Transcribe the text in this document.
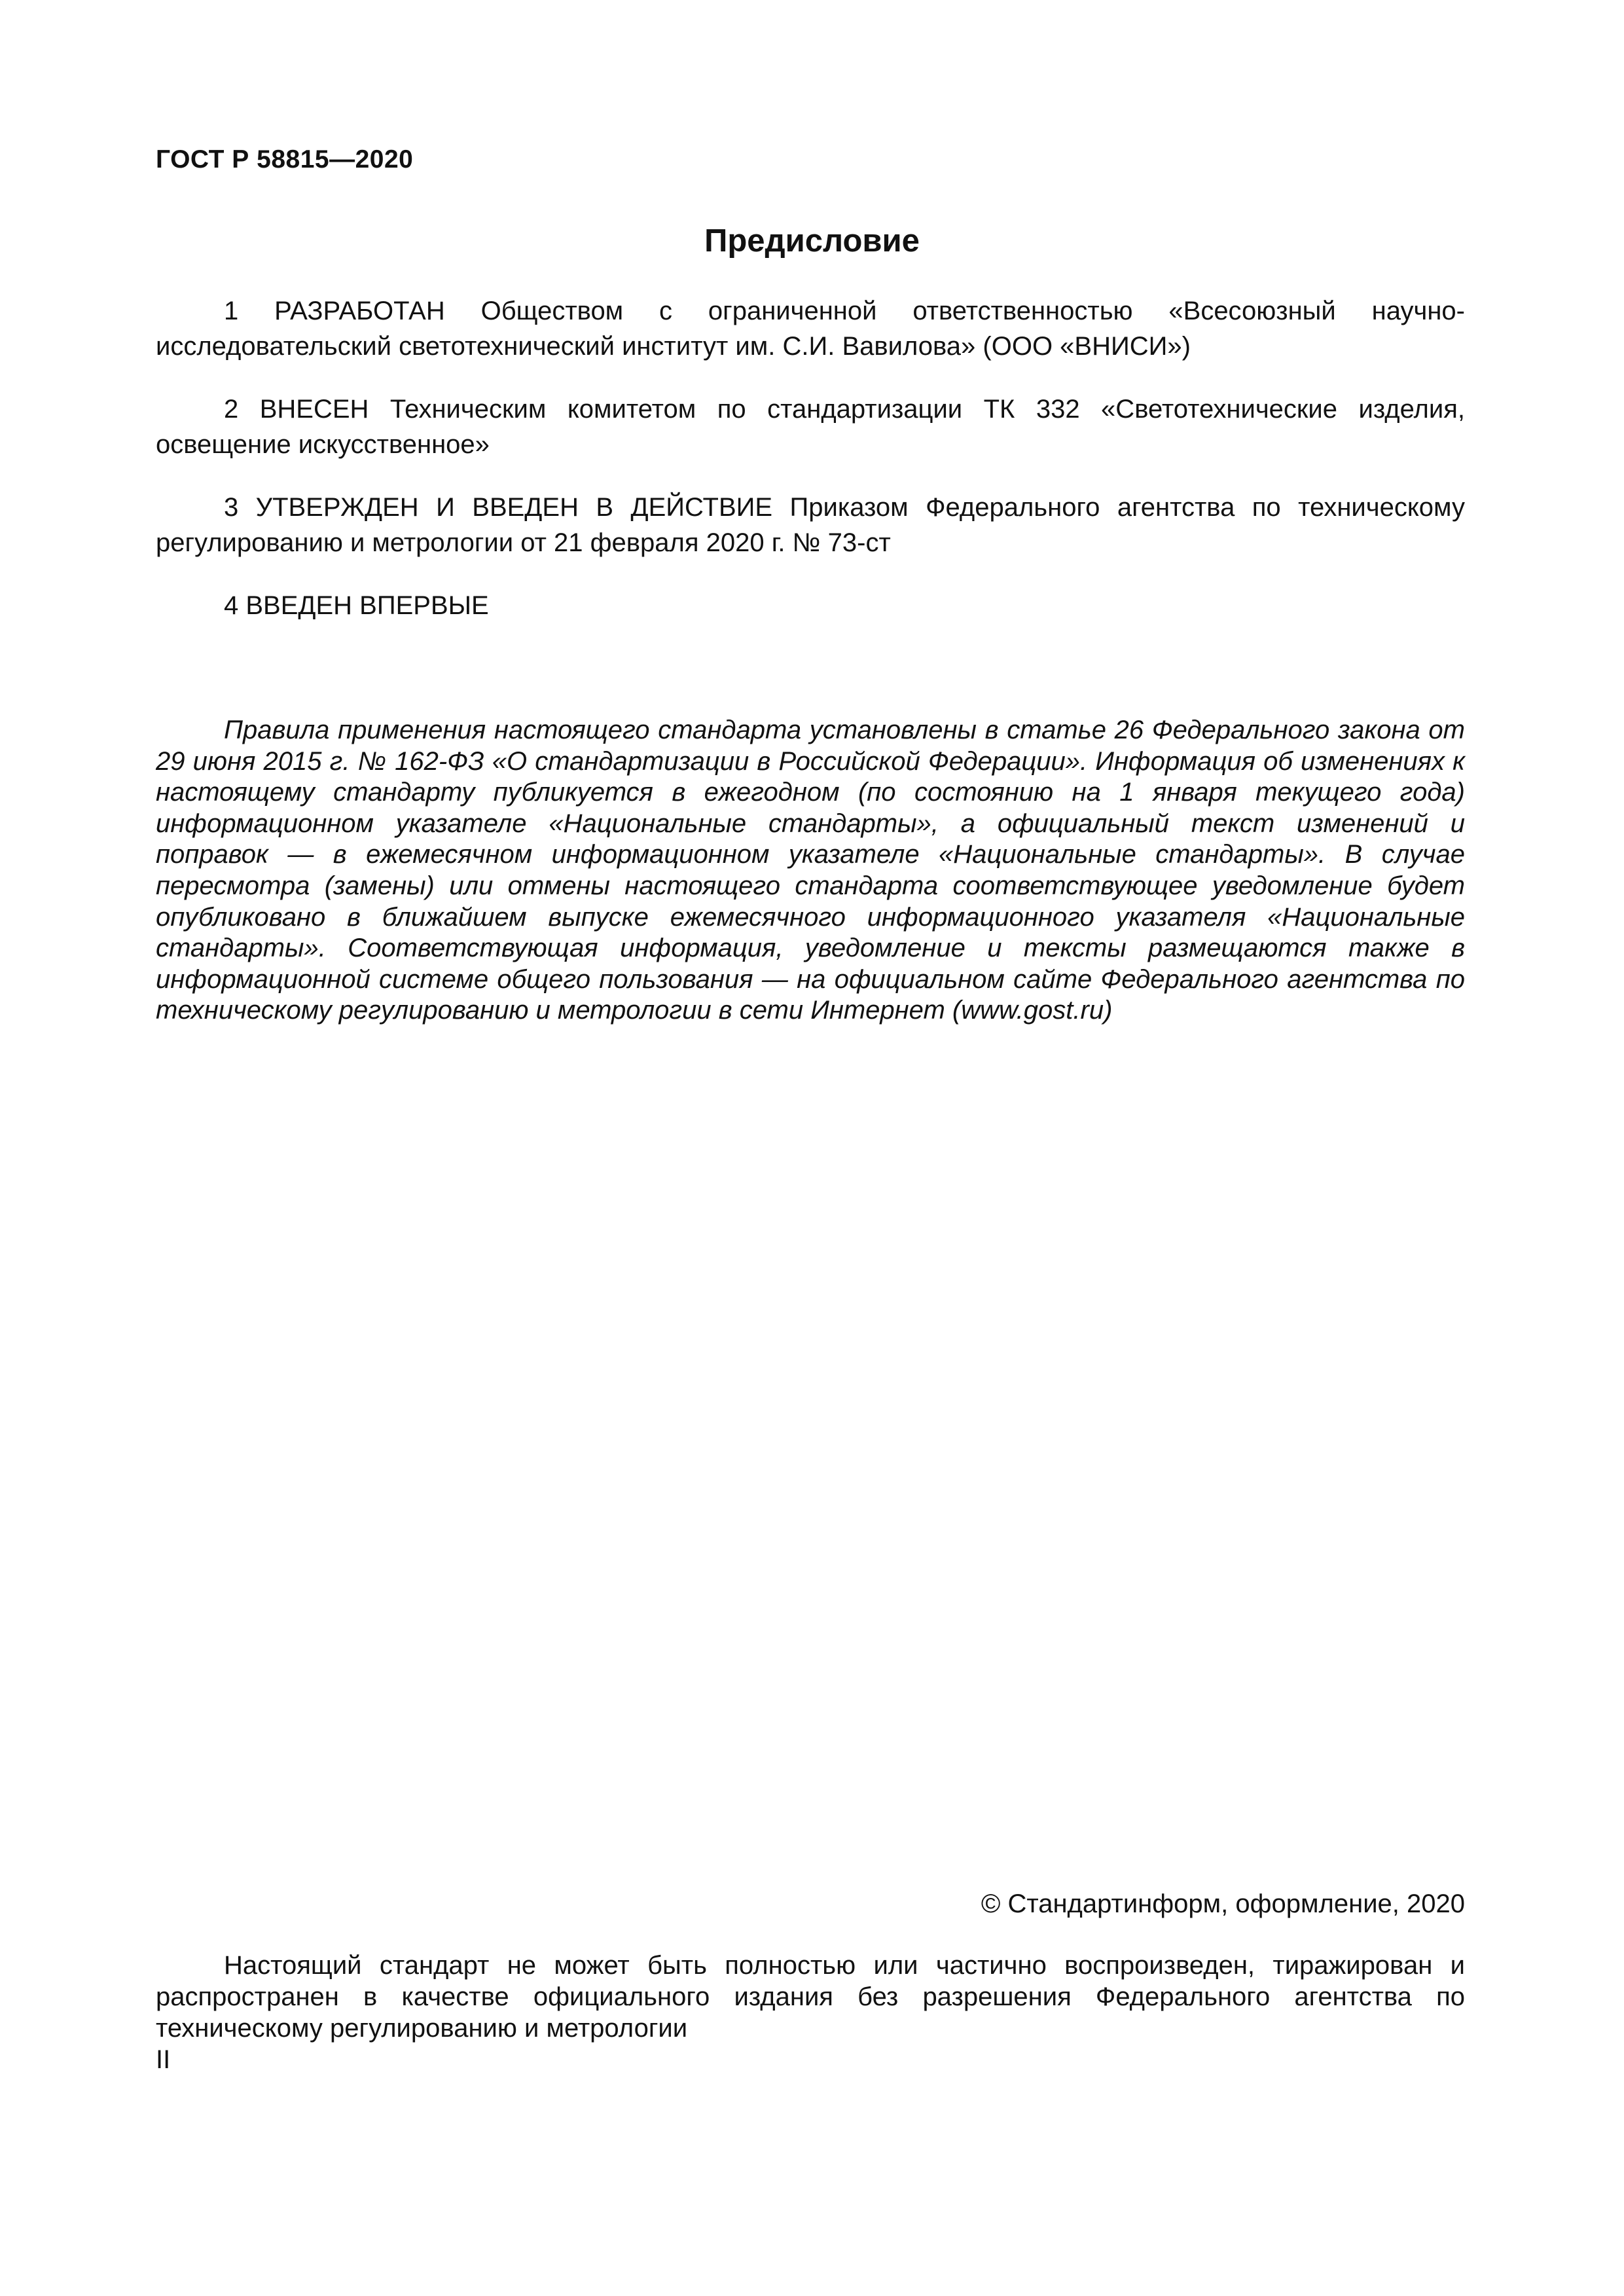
ГОСТ Р 58815—2020

Предисловие

1 РАЗРАБОТАН Обществом с ограниченной ответственностью «Всесоюзный научно-исследовательский светотехнический институт им. С.И. Вавилова» (ООО «ВНИСИ»)

2 ВНЕСЕН Техническим комитетом по стандартизации ТК 332 «Светотехнические изделия, освещение искусственное»

3 УТВЕРЖДЕН И ВВЕДЕН В ДЕЙСТВИЕ Приказом Федерального агентства по техническому регулированию и метрологии от 21 февраля 2020 г. № 73-ст

4 ВВЕДЕН ВПЕРВЫЕ

Правила применения настоящего стандарта установлены в статье 26 Федерального закона от 29 июня 2015 г. № 162-ФЗ «О стандартизации в Российской Федерации». Информация об изменениях к настоящему стандарту публикуется в ежегодном (по состоянию на 1 января текущего года) информационном указателе «Национальные стандарты», а официальный текст изменений и поправок — в ежемесячном информационном указателе «Национальные стандарты». В случае пересмотра (замены) или отмены настоящего стандарта соответствующее уведомление будет опубликовано в ближайшем выпуске ежемесячного информационного указателя «Национальные стандарты». Соответствующая информация, уведомление и тексты размещаются также в информационной системе общего пользования — на официальном сайте Федерального агентства по техническому регулированию и метрологии в сети Интернет (www.gost.ru)

© Стандартинформ, оформление, 2020

Настоящий стандарт не может быть полностью или частично воспроизведен, тиражирован и распространен в качестве официального издания без разрешения Федерального агентства по техническому регулированию и метрологии

II
